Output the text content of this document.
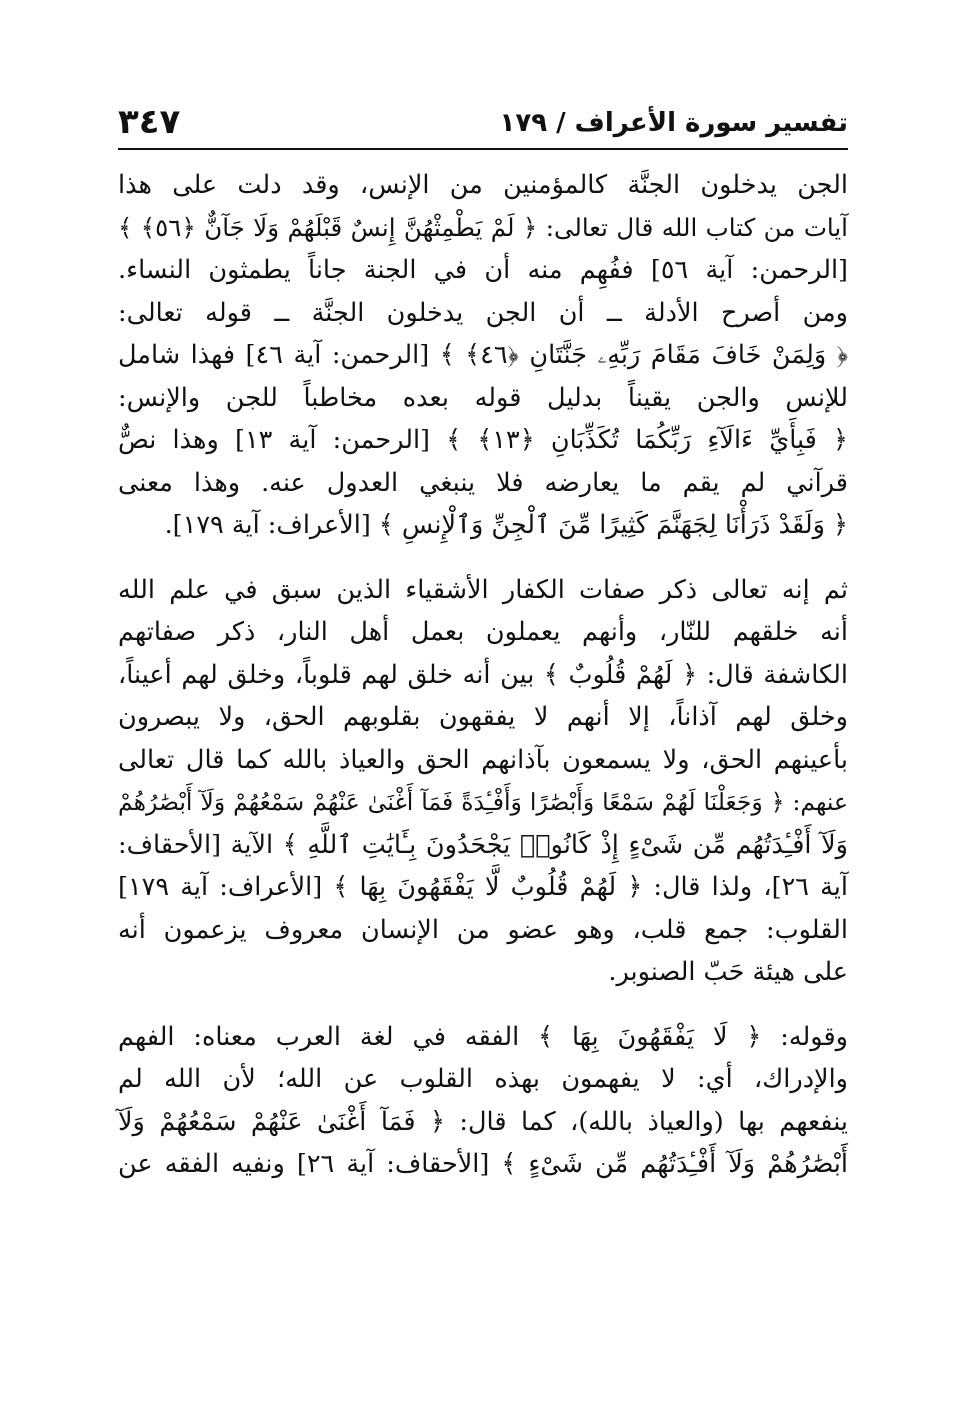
تفسير سورة الأعراف / ١٧٩
٣٤٧

الجن يدخلون الجنَّة كالمؤمنين من الإنس، وقد دلت على هذا
آيات من كتاب الله قال تعالى: ﴿ لَمْ يَطْمِثْهُنَّ إِنسٌ قَبْلَهُمْ وَلَا جَآنٌّ ﴿٥٦﴾ ﴾
[الرحمن: آية ٥٦] ففُهِم منه أن في الجنة جاناً يطمثون النساء.
ومن أصرح الأدلة ــ أن الجن يدخلون الجنَّة ــ قوله تعالى:
﴿ وَلِمَنْ خَافَ مَقَامَ رَبِّهِۦ جَنَّتَانِ ﴿٤٦﴾ ﴾ [الرحمن: آية ٤٦] فهذا شامل
للإنس والجن يقيناً بدليل قوله بعده مخاطباً للجن والإنس:
﴿ فَبِأَيِّ ءَالَآءِ رَبِّكُمَا تُكَذِّبَانِ ﴿١٣﴾ ﴾ [الرحمن: آية ١٣] وهذا نصٌّ
قرآني لم يقم ما يعارضه فلا ينبغي العدول عنه. وهذا معنى
﴿ وَلَقَدْ ذَرَأْنَا لِجَهَنَّمَ كَثِيرًا مِّنَ ٱلْجِنِّ وَٱلْإِنسِ ﴾ [الأعراف: آية ١٧٩].

ثم إنه تعالى ذكر صفات الكفار الأشقياء الذين سبق في علم الله
أنه خلقهم للنّار، وأنهم يعملون بعمل أهل النار، ذكر صفاتهم
الكاشفة قال: ﴿ لَهُمْ قُلُوبٌ ﴾ بين أنه خلق لهم قلوباً، وخلق لهم أعيناً،
وخلق لهم آذاناً، إلا أنهم لا يفقهون بقلوبهم الحق، ولا يبصرون
بأعينهم الحق، ولا يسمعون بآذانهم الحق والعياذ بالله كما قال تعالى
عنهم: ﴿ وَجَعَلْنَا لَهُمْ سَمْعًا وَأَبْصَٰرًا وَأَفْـِٔدَةً فَمَآ أَغْنَىٰ عَنْهُمْ سَمْعُهُمْ وَلَآ أَبْصَٰرُهُمْ
وَلَآ أَفْـِٔدَتُهُم مِّن شَىْءٍ إِذْ كَانُوا۟ يَجْحَدُونَ بِـَٔايَٰتِ ٱللَّهِ ﴾ الآية [الأحقاف:
آية ٢٦]، ولذا قال: ﴿ لَهُمْ قُلُوبٌ لَّا يَفْقَهُونَ بِهَا ﴾ [الأعراف: آية ١٧٩]
القلوب: جمع قلب، وهو عضو من الإنسان معروف يزعمون أنه
على هيئة حَبّ الصنوبر.

وقوله: ﴿ لَا يَفْقَهُونَ بِهَا ﴾ الفقه في لغة العرب معناه: الفهم
والإدراك، أي: لا يفهمون بهذه القلوب عن الله؛ لأن الله لم
ينفعهم بها (والعياذ بالله)، كما قال: ﴿ فَمَآ أَغْنَىٰ عَنْهُمْ سَمْعُهُمْ وَلَآ
أَبْصَٰرُهُمْ وَلَآ أَفْـِٔدَتُهُم مِّن شَىْءٍ ﴾ [الأحقاف: آية ٢٦] ونفيه الفقه عن
